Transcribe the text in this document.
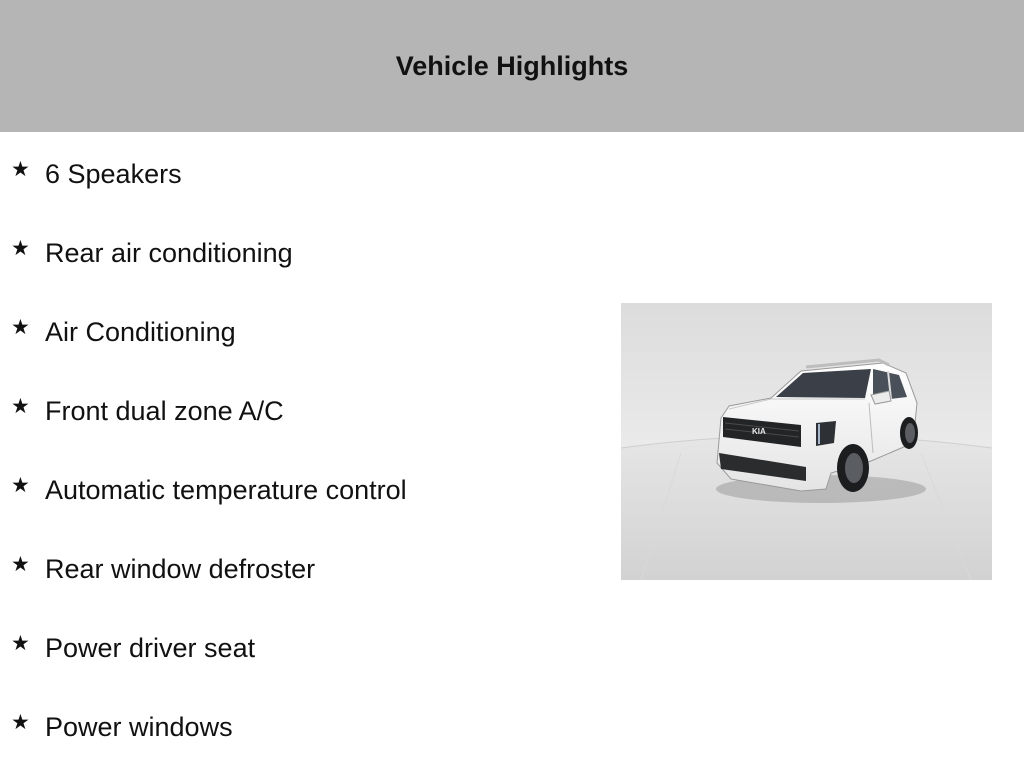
Vehicle Highlights
★ 6 Speakers
★ Rear air conditioning
★ Air Conditioning
★ Front dual zone A/C
★ Automatic temperature control
★ Rear window defroster
★ Power driver seat
★ Power windows
KIA
